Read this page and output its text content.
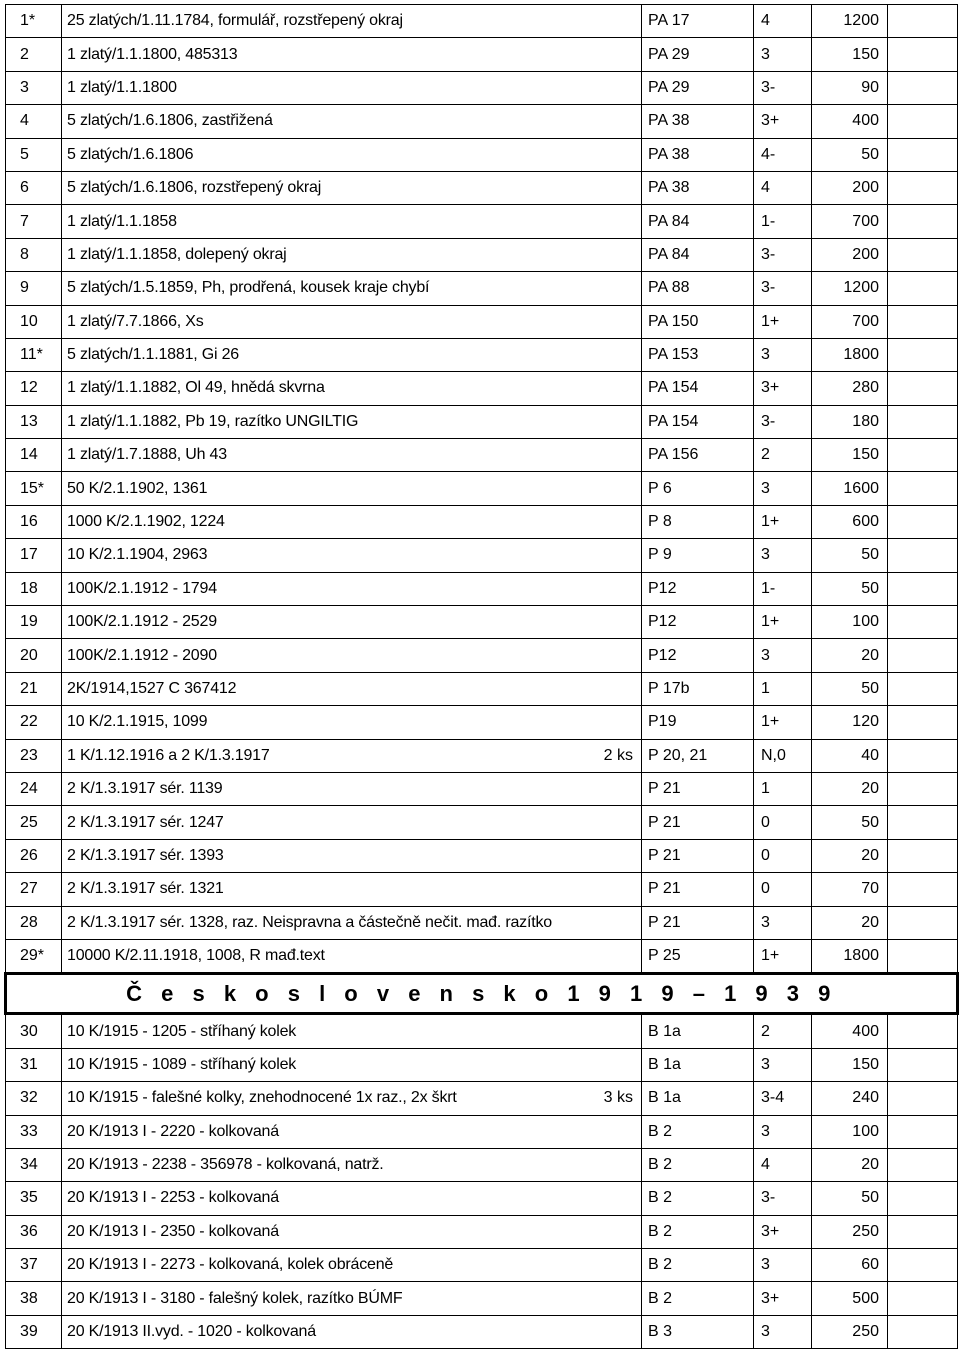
1*	25 zlatých/1.11.1784, formulář, rozstřepený okraj		PA 17	4	1200	
2	1 zlatý/1.1.1800, 485313		PA 29	3	150	
3	1 zlatý/1.1.1800		PA 29	3-	90	
4	5 zlatých/1.6.1806, zastřižená		PA 38	3+	400	
5	5 zlatých/1.6.1806		PA 38	4-	50	
6	5 zlatých/1.6.1806, rozstřepený okraj		PA 38	4	200	
7	1 zlatý/1.1.1858		PA 84	1-	700	
8	1 zlatý/1.1.1858, dolepený okraj		PA 84	3-	200	
9	5 zlatých/1.5.1859, Ph, prodřená, kousek kraje chybí		PA 88	3-	1200	
10	1 zlatý/7.7.1866, Xs		PA 150	1+	700	
11*	5 zlatých/1.1.1881, Gi 26		PA 153	3	1800	
12	1 zlatý/1.1.1882, Ol 49, hnědá skvrna		PA 154	3+	280	
13	1 zlatý/1.1.1882, Pb 19, razítko UNGILTIG		PA 154	3-	180	
14	1 zlatý/1.7.1888, Uh 43		PA 156	2	150	
15*	50 K/2.1.1902, 1361		P 6	3	1600	
16	1000 K/2.1.1902, 1224		P 8	1+	600	
17	10 K/2.1.1904, 2963		P 9	3	50	
18	100K/2.1.1912 - 1794		P12	1-	50	
19	100K/2.1.1912 - 2529		P12	1+	100	
20	100K/2.1.1912 - 2090		P12	3	20	
21	2K/1914,1527 C 367412		P 17b	1	50	
22	10 K/2.1.1915, 1099		P19	1+	120	
23	1 K/1.12.1916 a 2 K/1.3.1917	2 ks	P 20, 21	N,0	40	
24	2 K/1.3.1917 sér. 1139		P 21	1	20	
25	2 K/1.3.1917 sér. 1247		P 21	0	50	
26	2 K/1.3.1917 sér. 1393		P 21	0	20	
27	2 K/1.3.1917 sér. 1321		P 21	0	70	
28	2 K/1.3.1917 sér. 1328, raz. Neispravna a částečně nečit. mađ. razítko		P 21	3	20	
29*	10000 K/2.11.1918, 1008, R mađ.text		P 25	1+	1800	
Č e s k o s l o v e n s k o 1 9 1 9 – 1 9 3 9						
30	10 K/1915 - 1205 - stříhaný kolek		B 1a	2	400	
31	10 K/1915 - 1089 - stříhaný kolek		B 1a	3	150	
32	10 K/1915 - falešné kolky, znehodnocené 1x raz., 2x škrt	3 ks	B 1a	3-4	240	
33	20 K/1913 I - 2220 - kolkovaná		B 2	3	100	
34	20 K/1913 - 2238 - 356978 - kolkovaná, natrž.		B 2	4	20	
35	20 K/1913 I - 2253 - kolkovaná		B 2	3-	50	
36	20 K/1913 I - 2350 - kolkovaná		B 2	3+	250	
37	20 K/1913 I - 2273 - kolkovaná, kolek obráceně		B 2	3	60	
38	20 K/1913 I - 3180 - falešný kolek, razítko BÚMF		B 2	3+	500	
39	20 K/1913 II.vyd. - 1020 - kolkovaná		B 3	3	250	
